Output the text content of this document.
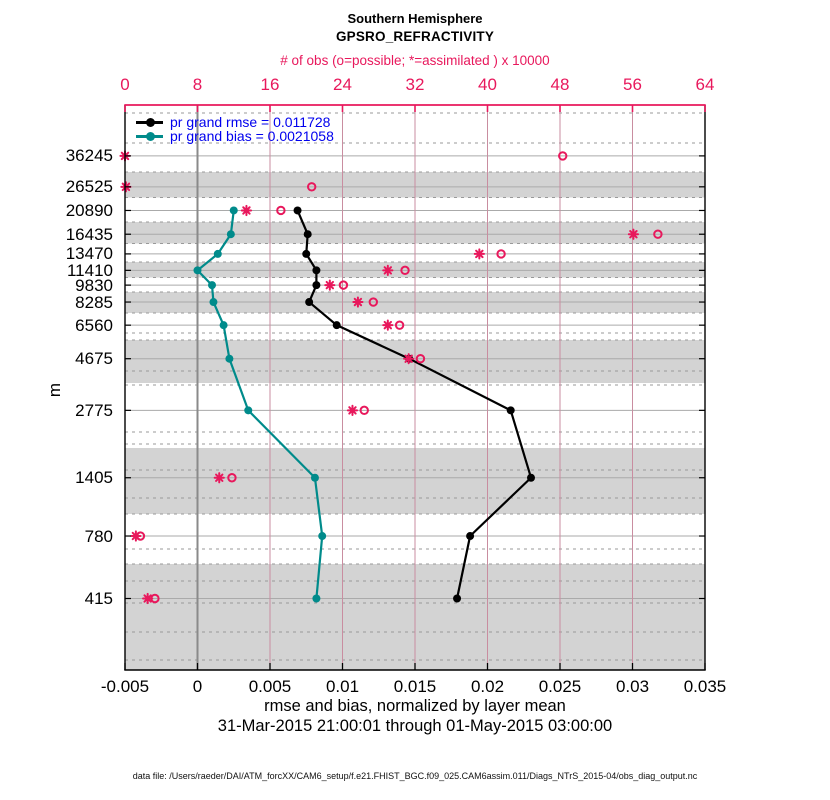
Southern Hemisphere
GPSRO_REFRACTIVITY
# of obs (o=possible; *=assimilated ) x 10000
pr grand rmse = 0.011728
pr grand bias = 0.0021058
m
rmse and bias, normalized by layer mean
31-Mar-2015 21:00:01 through 01-May-2015 03:00:00
data file: /Users/raeder/DAI/ATM_forcXX/CAM6_setup/f.e21.FHIST_BGC.f09_025.CAM6assim.011/Diags_NTrS_2015-04/obs_diag_output.nc
0	8	16	24	32	40	48	56	64
-0.005	0	0.005	0.01	0.015	0.02	0.025	0.03	0.035
36245
26525
20890
16435
13470
11410
9830
8285
6560
4675
2775
1405
780
415
